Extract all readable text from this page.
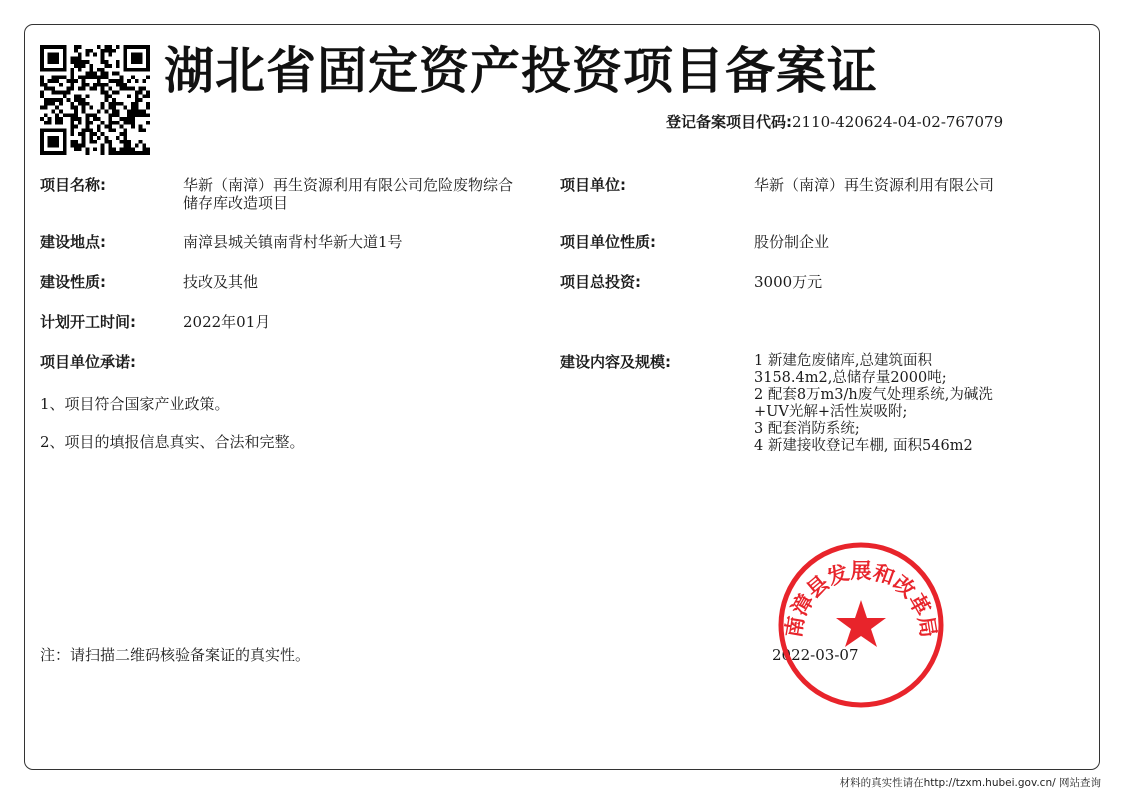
湖北省固定资产投资项目备案证
登记备案项目代码:2110-420624-04-02-767079
项目名称:	华新（南漳）再生资源利用有限公司危险废物综合储存库改造项目
建设地点:	南漳县城关镇南背村华新大道1号
建设性质:	技改及其他
计划开工时间:	2022年01月
项目单位承诺:
1、项目符合国家产业政策。
2、项目的填报信息真实、合法和完整。
项目单位:	华新（南漳）再生资源利用有限公司
项目单位性质:	股份制企业
项目总投资:	3000万元
建设内容及规模:	1 新建危废储库,总建筑面积
3158.4m2,总储存量2000吨;
2 配套8万m3/h废气处理系统,为碱洗
+UV光解+活性炭吸附;
3 配套消防系统;
4 新建接收登记车棚, 面积546m2
注：请扫描二维码核验备案证的真实性。	2022-03-07
南漳县发展和改革局
材料的真实性请在http://tzxm.hubei.gov.cn/ 网站查询
